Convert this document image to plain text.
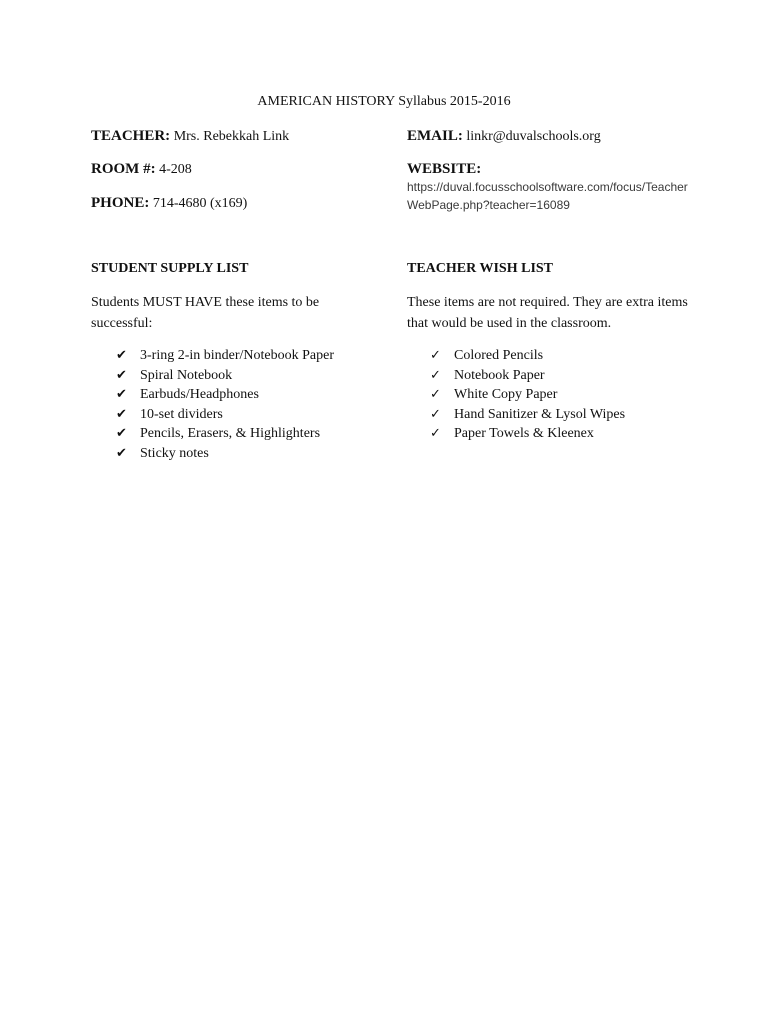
AMERICAN HISTORY Syllabus 2015-2016
TEACHER: Mrs. Rebekkah Link
ROOM #: 4-208
PHONE: 714-4680 (x169)
EMAIL: linkr@duvalschools.org
WEBSITE:
https://duval.focusschoolsoftware.com/focus/TeacherWebPage.php?teacher=16089
STUDENT SUPPLY LIST
Students MUST HAVE these items to be successful:
✔ 3-ring 2-in binder/Notebook Paper
✔ Spiral Notebook
✔ Earbuds/Headphones
✔ 10-set dividers
✔ Pencils, Erasers, & Highlighters
✔ Sticky notes
TEACHER WISH LIST
These items are not required. They are extra items that would be used in the classroom.
✓ Colored Pencils
✓ Notebook Paper
✓ White Copy Paper
✓ Hand Sanitizer & Lysol Wipes
✓ Paper Towels & Kleenex
